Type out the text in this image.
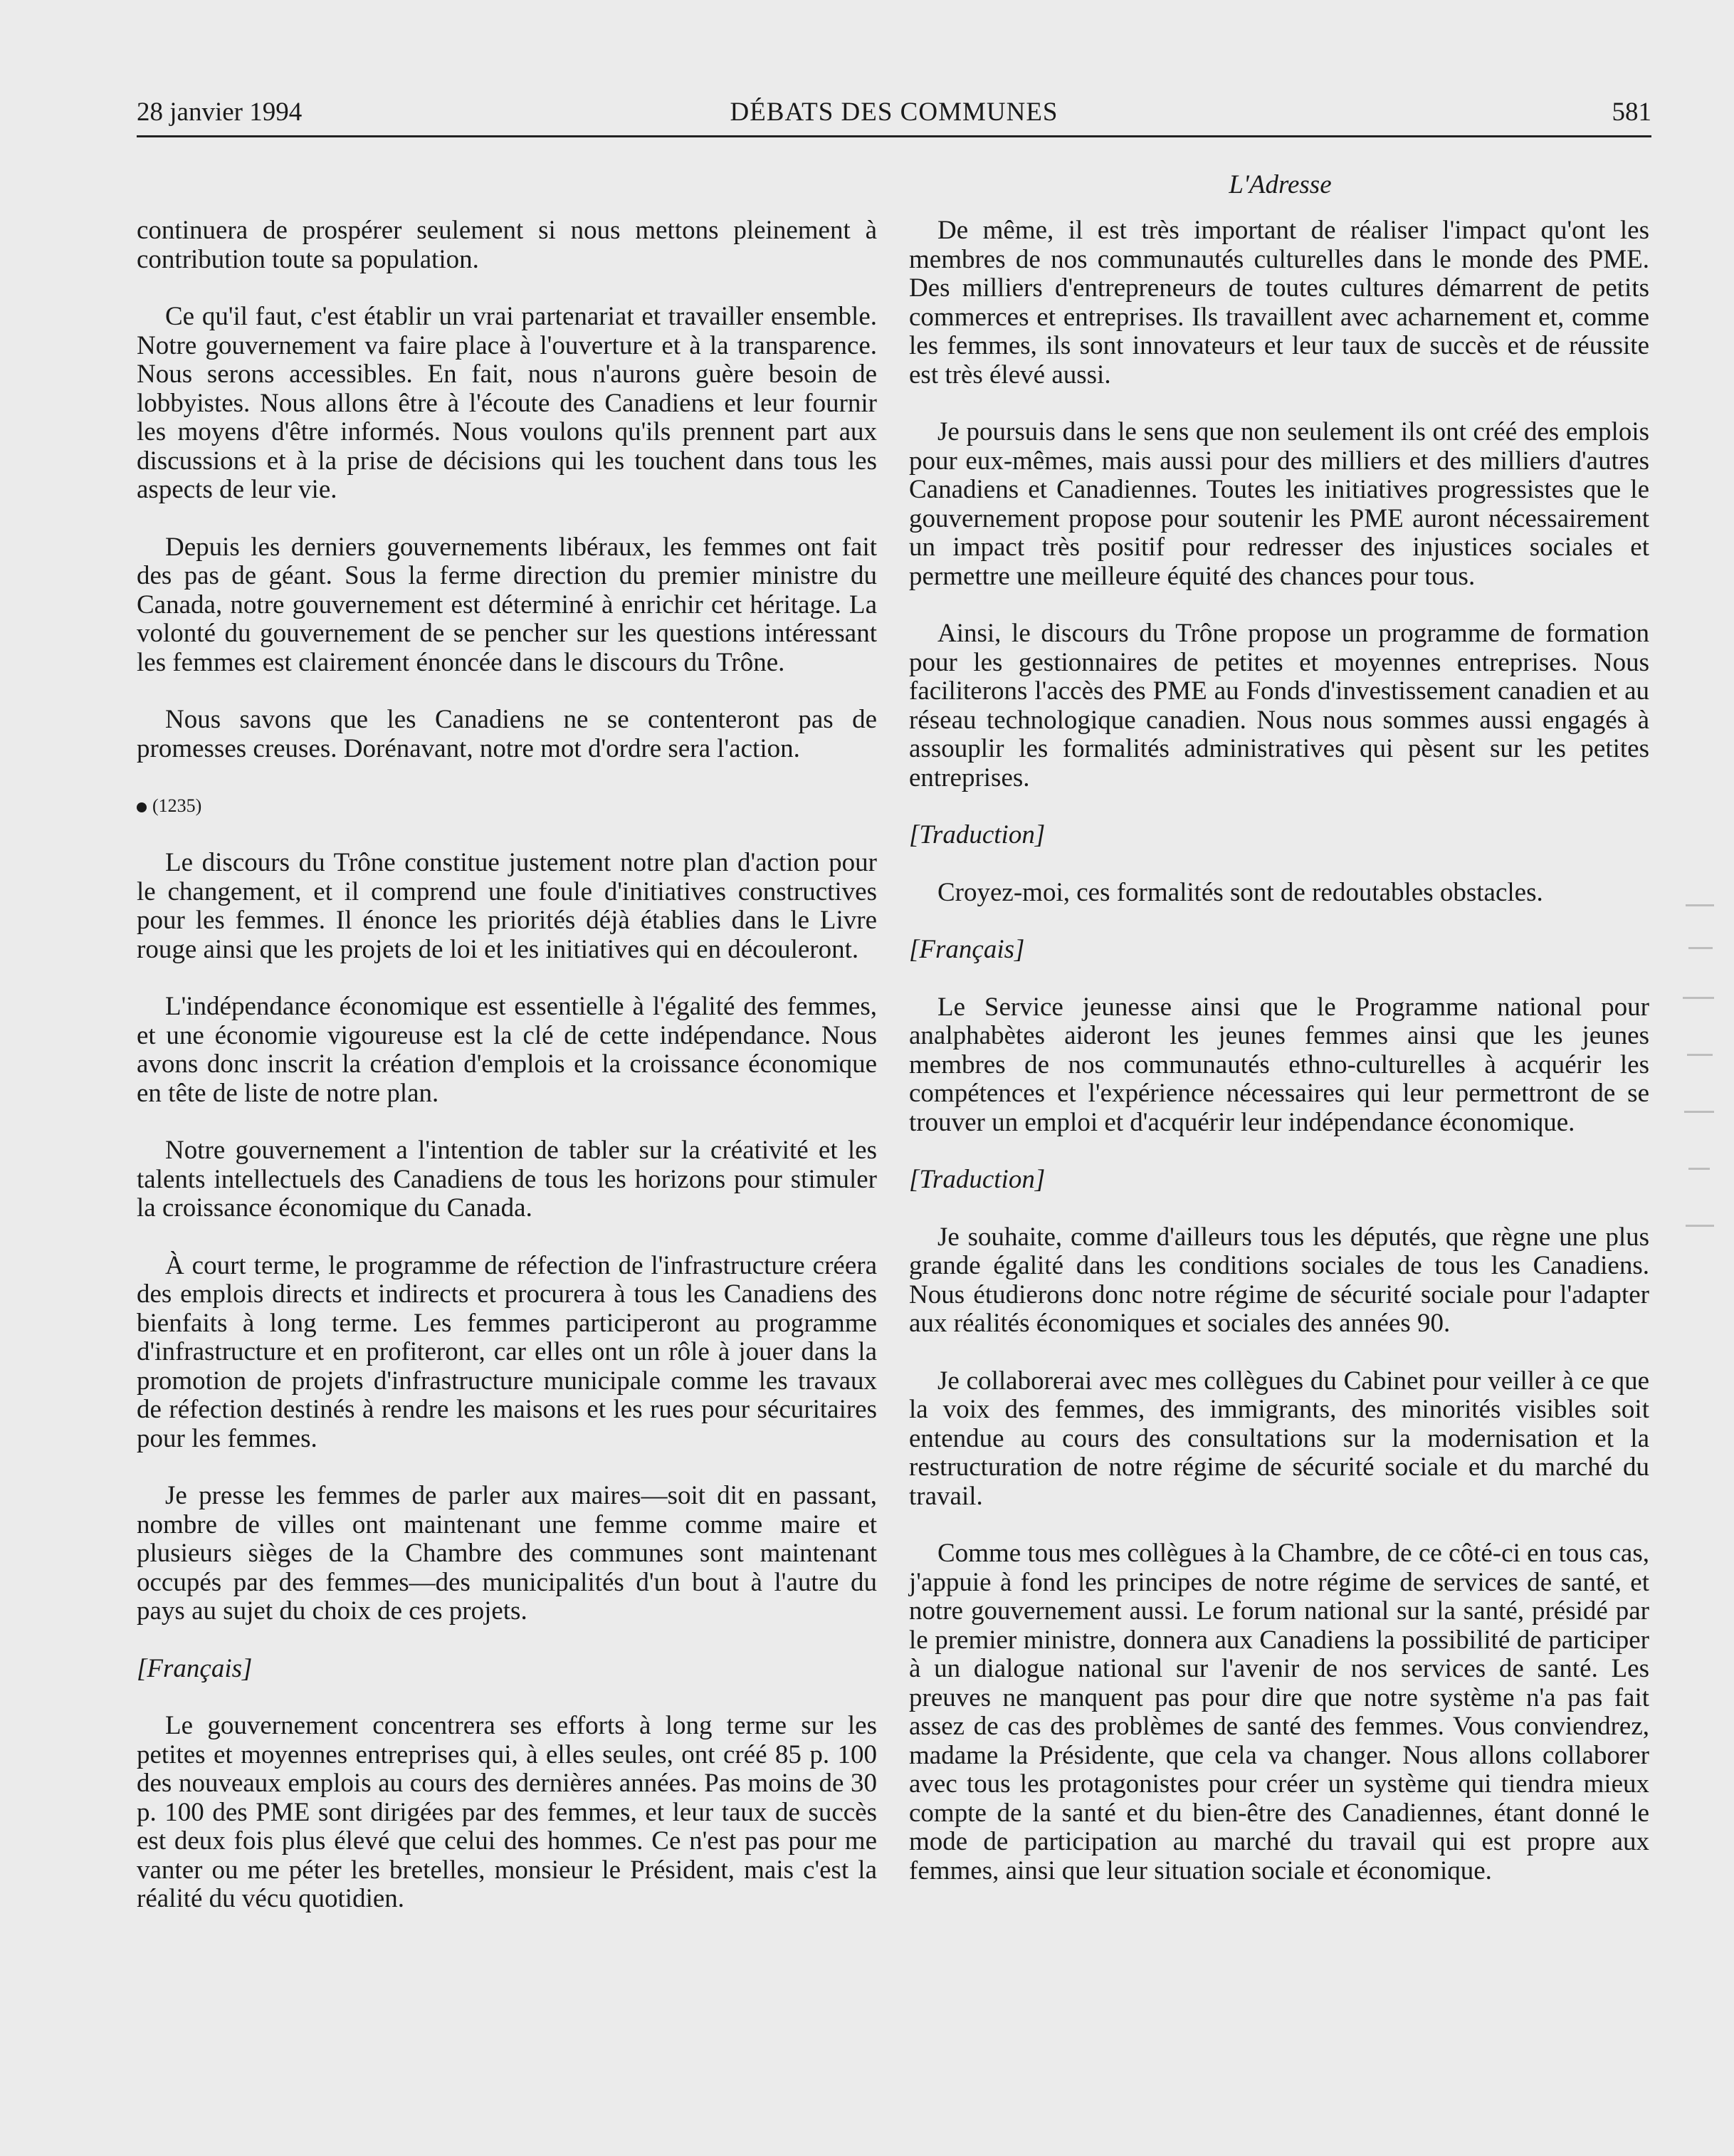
28 janvier 1994	DÉBATS DES COMMUNES	581
L'Adresse

continuera de prospérer seulement si nous mettons pleinement à contribution toute sa population.

Ce qu'il faut, c'est établir un vrai partenariat et travailler ensemble. Notre gouvernement va faire place à l'ouverture et à la transparence. Nous serons accessibles. En fait, nous n'aurons guère besoin de lobbyistes. Nous allons être à l'écoute des Canadiens et leur fournir les moyens d'être informés. Nous voulons qu'ils prennent part aux discussions et à la prise de décisions qui les touchent dans tous les aspects de leur vie.

Depuis les derniers gouvernements libéraux, les femmes ont fait des pas de géant. Sous la ferme direction du premier ministre du Canada, notre gouvernement est déterminé à enrichir cet héritage. La volonté du gouvernement de se pencher sur les questions intéressant les femmes est clairement énoncée dans le discours du Trône.

Nous savons que les Canadiens ne se contenteront pas de promesses creuses. Dorénavant, notre mot d'ordre sera l'action.

(1235)

Le discours du Trône constitue justement notre plan d'action pour le changement, et il comprend une foule d'initiatives constructives pour les femmes. Il énonce les priorités déjà établies dans le Livre rouge ainsi que les projets de loi et les initiatives qui en découleront.

L'indépendance économique est essentielle à l'égalité des femmes, et une économie vigoureuse est la clé de cette indépendance. Nous avons donc inscrit la création d'emplois et la croissance économique en tête de liste de notre plan.

Notre gouvernement a l'intention de tabler sur la créativité et les talents intellectuels des Canadiens de tous les horizons pour stimuler la croissance économique du Canada.

À court terme, le programme de réfection de l'infrastructure créera des emplois directs et indirects et procurera à tous les Canadiens des bienfaits à long terme. Les femmes participeront au programme d'infrastructure et en profiteront, car elles ont un rôle à jouer dans la promotion de projets d'infrastructure municipale comme les travaux de réfection destinés à rendre les maisons et les rues pour sécuritaires pour les femmes.

Je presse les femmes de parler aux maires—soit dit en passant, nombre de villes ont maintenant une femme comme maire et plusieurs sièges de la Chambre des communes sont maintenant occupés par des femmes—des municipalités d'un bout à l'autre du pays au sujet du choix de ces projets.

[Français]

Le gouvernement concentrera ses efforts à long terme sur les petites et moyennes entreprises qui, à elles seules, ont créé 85 p. 100 des nouveaux emplois au cours des dernières années. Pas moins de 30 p. 100 des PME sont dirigées par des femmes, et leur taux de succès est deux fois plus élevé que celui des hommes. Ce n'est pas pour me vanter ou me péter les bretelles, monsieur le Président, mais c'est la réalité du vécu quotidien.

De même, il est très important de réaliser l'impact qu'ont les membres de nos communautés culturelles dans le monde des PME. Des milliers d'entrepreneurs de toutes cultures démarrent de petits commerces et entreprises. Ils travaillent avec acharnement et, comme les femmes, ils sont innovateurs et leur taux de succès et de réussite est très élevé aussi.

Je poursuis dans le sens que non seulement ils ont créé des emplois pour eux-mêmes, mais aussi pour des milliers et des milliers d'autres Canadiens et Canadiennes. Toutes les initiatives progressistes que le gouvernement propose pour soutenir les PME auront nécessairement un impact très positif pour redresser des injustices sociales et permettre une meilleure équité des chances pour tous.

Ainsi, le discours du Trône propose un programme de formation pour les gestionnaires de petites et moyennes entreprises. Nous faciliterons l'accès des PME au Fonds d'investissement canadien et au réseau technologique canadien. Nous nous sommes aussi engagés à assouplir les formalités administratives qui pèsent sur les petites entreprises.

[Traduction]

Croyez-moi, ces formalités sont de redoutables obstacles.

[Français]

Le Service jeunesse ainsi que le Programme national pour analphabètes aideront les jeunes femmes ainsi que les jeunes membres de nos communautés ethno-culturelles à acquérir les compétences et l'expérience nécessaires qui leur permettront de se trouver un emploi et d'acquérir leur indépendance économique.

[Traduction]

Je souhaite, comme d'ailleurs tous les députés, que règne une plus grande égalité dans les conditions sociales de tous les Canadiens. Nous étudierons donc notre régime de sécurité sociale pour l'adapter aux réalités économiques et sociales des années 90.

Je collaborerai avec mes collègues du Cabinet pour veiller à ce que la voix des femmes, des immigrants, des minorités visibles soit entendue au cours des consultations sur la modernisation et la restructuration de notre régime de sécurité sociale et du marché du travail.

Comme tous mes collègues à la Chambre, de ce côté-ci en tous cas, j'appuie à fond les principes de notre régime de services de santé, et notre gouvernement aussi. Le forum national sur la santé, présidé par le premier ministre, donnera aux Canadiens la possibilité de participer à un dialogue national sur l'avenir de nos services de santé. Les preuves ne manquent pas pour dire que notre système n'a pas fait assez de cas des problèmes de santé des femmes. Vous conviendrez, madame la Présidente, que cela va changer. Nous allons collaborer avec tous les protagonistes pour créer un système qui tiendra mieux compte de la santé et du bien-être des Canadiennes, étant donné le mode de participation au marché du travail qui est propre aux femmes, ainsi que leur situation sociale et économique.
